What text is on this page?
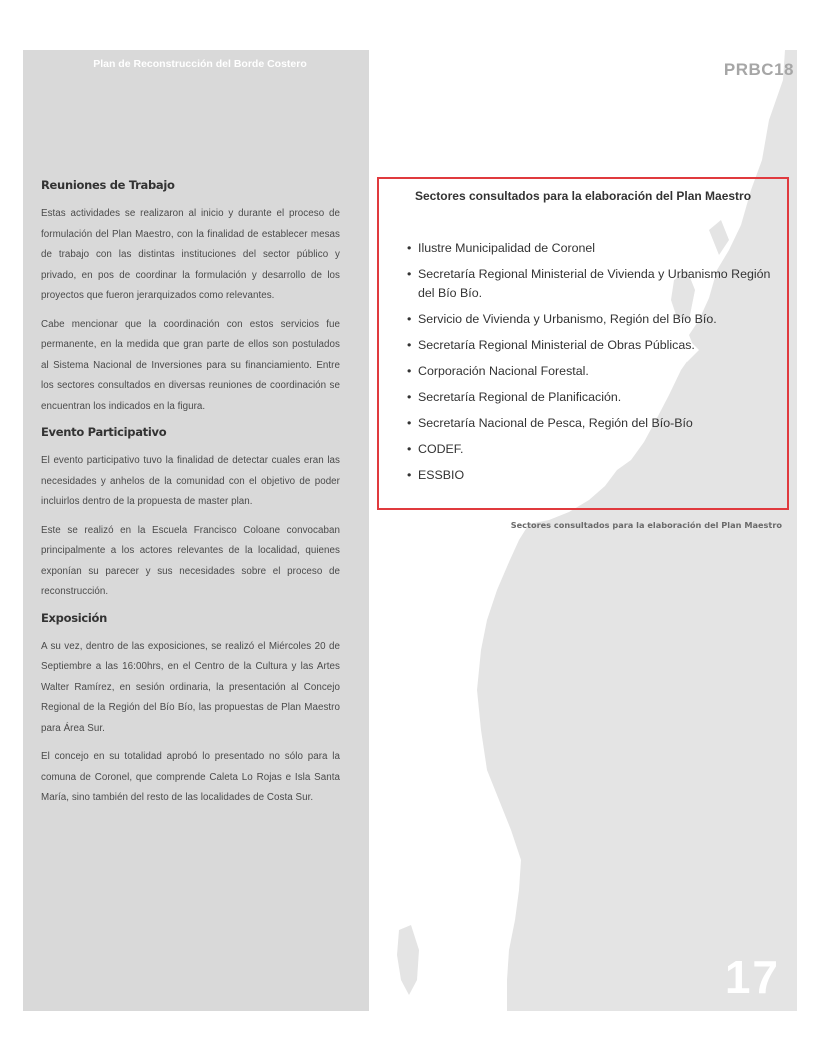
Plan de Reconstrucción del Borde Costero	PRBC18
Reuniones de Trabajo

Estas actividades se realizaron al inicio y durante el proceso de formulación del Plan Maestro, con la finalidad de establecer mesas de trabajo con las distintas instituciones del sector público y privado, en pos de coordinar la formulación y desarrollo de los proyectos que fueron jerarquizados como relevantes.

Cabe mencionar que la coordinación con estos servicios fue permanente, en la medida que gran parte de ellos son postulados al Sistema Nacional de Inversiones para su financiamiento. Entre los sectores consultados en diversas reuniones de coordinación se encuentran los indicados en la figura.

Evento Participativo

El evento participativo tuvo la finalidad de detectar cuales eran las necesidades y anhelos de la comunidad con el objetivo de poder incluirlos dentro de la propuesta de master plan.

Este se realizó en la Escuela Francisco Coloane convocaban principalmente a los actores relevantes de la localidad, quienes exponían su parecer y sus necesidades sobre el proceso de reconstrucción.

Exposición

A su vez, dentro de las exposiciones, se realizó el Miércoles 20 de Septiembre a las 16:00hrs, en el Centro de la Cultura y las Artes Walter Ramírez, en sesión ordinaria, la presentación al Concejo Regional de la Región del Bío Bío, las propuestas de Plan Maestro para Área Sur.

El concejo en su totalidad aprobó lo presentado no sólo para la comuna de Coronel, que comprende Caleta Lo Rojas e Isla Santa María, sino también del resto de las localidades de Costa Sur.

Sectores consultados para la elaboración del Plan Maestro
• Ilustre Municipalidad de Coronel
• Secretaría Regional Ministerial de Vivienda y Urbanismo Región del Bío Bío.
• Servicio de Vivienda y Urbanismo, Región del Bío Bío.
• Secretaría Regional Ministerial de Obras Públicas.
• Corporación Nacional Forestal.
• Secretaría Regional de Planificación.
• Secretaría Nacional de Pesca, Región del Bío-Bío
• CODEF.
• ESSBIO
Sectores consultados para la elaboración del Plan Maestro
17
